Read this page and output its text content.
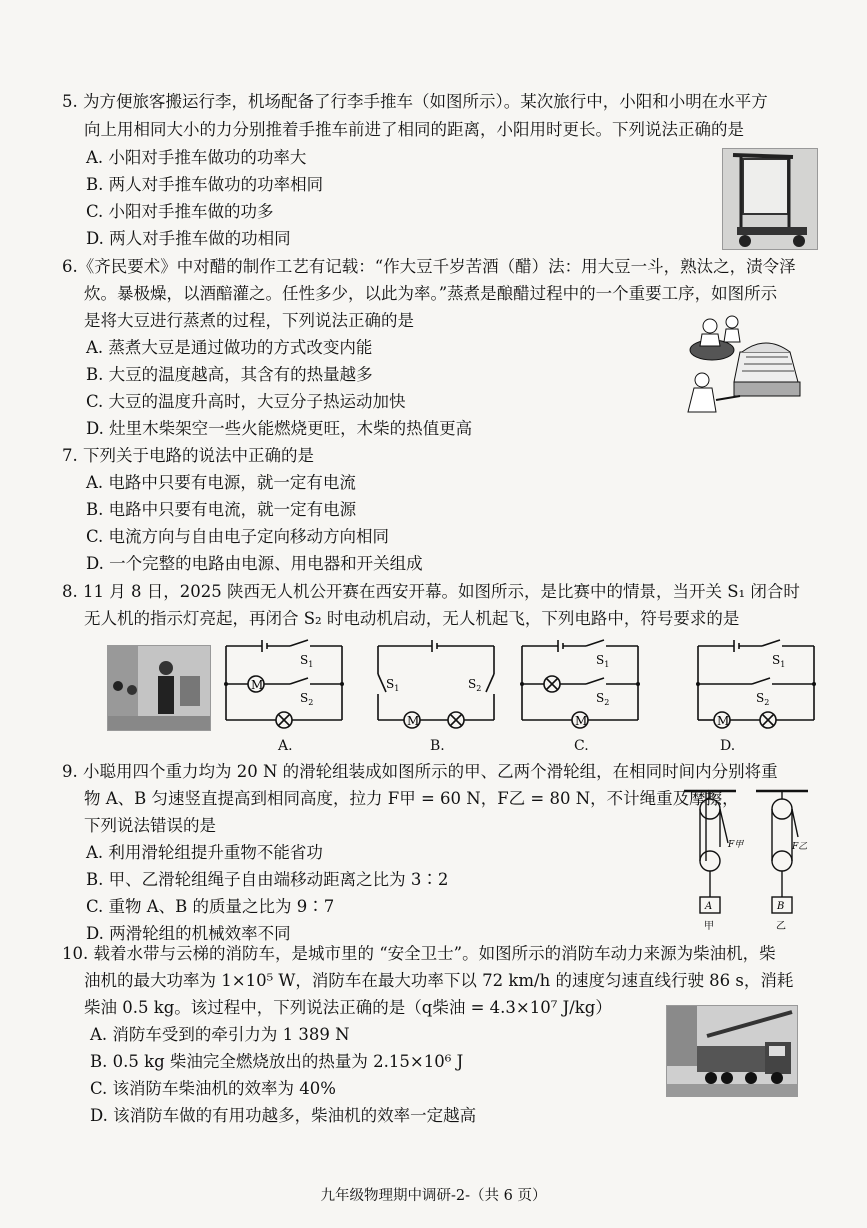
5. 为方便旅客搬运行李，机场配备了行李手推车（如图所示）。某次旅行中，小阳和小明在水平方
向上用相同大小的力分别推着手推车前进了相同的距离，小阳用时更长。下列说法正确的是
A. 小阳对手推车做功的功率大
B. 两人对手推车做功的功率相同
C. 小阳对手推车做的功多
D. 两人对手推车做的功相同
6.《齐民要术》中对醋的制作工艺有记载：“作大豆千岁苦酒（醋）法：用大豆一斗，熟汰之，渍令泽
炊。暴极燥，以酒醅灌之。任性多少，以此为率。”蒸煮是酿醋过程中的一个重要工序，如图所示
是将大豆进行蒸煮的过程，下列说法正确的是
A. 蒸煮大豆是通过做功的方式改变内能
B. 大豆的温度越高，其含有的热量越多
C. 大豆的温度升高时，大豆分子热运动加快
D. 灶里木柴架空一些火能燃烧更旺，木柴的热值更高
7. 下列关于电路的说法中正确的是
A. 电路中只要有电源，就一定有电流
B. 电路中只要有电流，就一定有电源
C. 电流方向与自由电子定向移动方向相同
D. 一个完整的电路由电源、用电器和开关组成
8. 11 月 8 日，2025 陕西无人机公开赛在西安开幕。如图所示，是比赛中的情景，当开关 S₁ 闭合时
无人机的指示灯亮起，再闭合 S₂ 时电动机启动，无人机起飞，下列电路中，符号要求的是
M
$S_1$
$S_2$
A.
M
$S_1$	$S_2$
B.
M
$S_1$
$S_2$
C.
M
$S_1$
$S_2$
D.
9. 小聪用四个重力均为 20 N 的滑轮组装成如图所示的甲、乙两个滑轮组，在相同时间内分别将重
物 A、B 匀速竖直提高到相同高度，拉力 F甲 = 60 N，F乙 = 80 N，不计绳重及摩擦，
下列说法错误的是
A. 利用滑轮组提升重物不能省功
B. 甲、乙滑轮组绳子自由端移动距离之比为 3∶2
C. 重物 A、B 的质量之比为 9∶7
D. 两滑轮组的机械效率不同
A	B
F甲	F乙
甲	乙
10. 载着水带与云梯的消防车，是城市里的 “安全卫士”。如图所示的消防车动力来源为柴油机，柴
油机的最大功率为 1×10⁵ W，消防车在最大功率下以 72 km/h 的速度匀速直线行驶 86 s，消耗
柴油 0.5 kg。该过程中，下列说法正确的是（q柴油 = 4.3×10⁷ J/kg）
A. 消防车受到的牵引力为 1 389 N
B. 0.5 kg 柴油完全燃烧放出的热量为 2.15×10⁶ J
C. 该消防车柴油机的效率为 40%
D. 该消防车做的有用功越多，柴油机的效率一定越高
九年级物理期中调研-2-（共 6 页）
